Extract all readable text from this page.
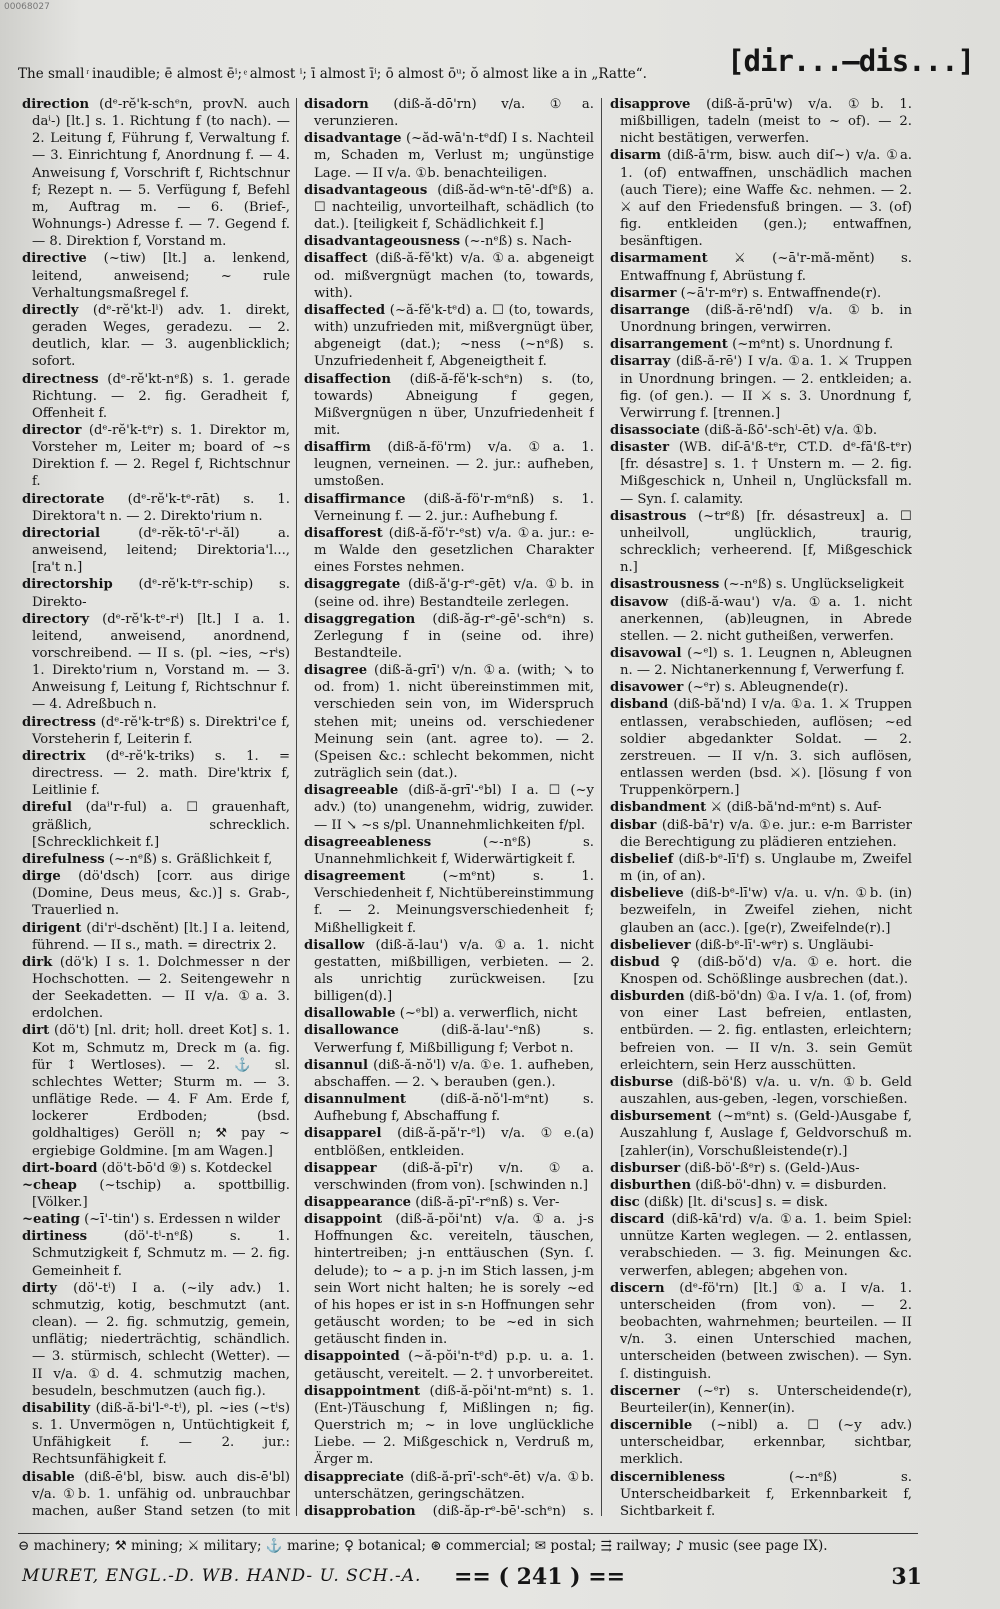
00068027
The small ͬ inaudible; ē almost ēⁱ; ͤ almost ⁱ; ī almost īⁱ; ō almost ōᵘ; ŏ almost like a in „Ratte“.	[dir...—dis...]

direction (dᵉ-rĕ'k-schᵉn, provN. auch daⁱ-) [lt.] s. 1. Richtung f (to nach). — 2. Leitung f, Führung f, Verwaltung f. — 3. Einrichtung f, Anordnung f. — 4. Anweisung f, Vorschrift f, Richtschnur f; Rezept n. — 5. Verfügung f, Befehl m, Auftrag m. — 6. (Brief-, Wohnungs-) Adresse f. — 7. Gegend f. — 8. Direktion f, Vorstand m.

directive (~tiw) [lt.] a. lenkend, leitend, anweisend; ~ rule Verhaltungsmaßregel f.

directly (dᵉ-rĕ'kt-lⁱ) adv. 1. direkt, geraden Weges, geradezu. — 2. deutlich, klar. — 3. augenblicklich; sofort.

directness (dᵉ-rĕ'kt-nᵉß) s. 1. gerade Richtung. — 2. fig. Geradheit f, Offenheit f.

director (dᵉ-rĕ'k-tᵉr) s. 1. Direktor m, Vorsteher m, Leiter m; board of ~s Direktion f. — 2. Regel f, Richtschnur f.

directorate (dᵉ-rĕ'k-tᵉ-rāt) s. 1. Direktora't n. — 2. Direkto'rium n.

directorial (dᵉ-rĕk-tō'-rⁱ-ăl) a. anweisend, leitend; Direktoria'l..., [ra't n.]

directorship (dᵉ-rĕ'k-tᵉr-schip) s. Direkto-

directory (dᵉ-rĕ'k-tᵉ-rⁱ) [lt.] I a. 1. leitend, anweisend, anordnend, vorschreibend. — II s. (pl. ~ies, ~rⁱs) 1. Direkto'rium n, Vorstand m. — 3. Anweisung f, Leitung f, Richtschnur f. — 4. Adreßbuch n.

directress (dᵉ-rĕ'k-trᵉß) s. Direktri'ce f, Vorsteherin f, Leiterin f.

directrix (dᵉ-rĕ'k-triks) s. 1. = directress. — 2. math. Dire'ktrix f, Leitlinie f.

direful (daⁱ'r-ful) a. ☐ grauenhaft, gräßlich, schrecklich. [Schrecklichkeit f.]

direfulness (~-nᵉß) s. Gräßlichkeit f,

dirge (dö'dsch) [corr. aus dirige (Domine, Deus meus, &c.)] s. Grab-, Trauerlied n.

dirigent (di'rⁱ-dschĕnt) [lt.] I a. leitend, führend. — II s., math. = directrix 2.

dirk (dö'k) I s. 1. Dolchmesser n der Hochschotten. — 2. Seitengewehr n der Seekadetten. — II v/a. ①a. 3. erdolchen.

dirt (dö't) [nl. drit; holl. dreet Kot] s. 1. Kot m, Schmutz m, Dreck m (a. fig. für ↕ Wertloses). — 2. ⚓ sl. schlechtes Wetter; Sturm m. — 3. unflätige Rede. — 4. F Am. Erde f, lockerer Erdboden; (bsd. goldhaltiges) Geröll n; ⚒ pay ~ ergiebige Goldmine. [m am Wagen.]

dirt-board (dö't-bō'd ⑨) s. Kotdeckel

~cheap (~tschip) a. spottbillig. [Völker.]

~eating (~ī'-tin') s. Erdessen n wilder

dirtiness (dö'-tⁱ-nᵉß) s. 1. Schmutzigkeit f, Schmutz m. — 2. fig. Gemeinheit f.

dirty (dö'-tⁱ) I a. (~ily adv.) 1. schmutzig, kotig, beschmutzt (ant. clean). — 2. fig. schmutzig, gemein, unflätig; niederträchtig, schändlich. — 3. stürmisch, schlecht (Wetter). — II v/a. ①d. 4. schmutzig machen, besudeln, beschmutzen (auch fig.).

disability (diß-ă-bi'l-ᵉ-tⁱ), pl. ~ies (~tⁱs) s. 1. Unvermögen n, Untüchtigkeit f, Unfähigkeit f. — 2. jur.: Rechtsunfähigkeit f.

disable (diß-ē'bl, bisw. auch dis-ē'bl) v/a. ①b. 1. unfähig od. unbrauchbar machen, außer Stand setzen (to mit

disadorn (diß-ă-dō'rn) v/a. ①a. verunzieren.

disadvantage (~ăd-wā'n-tᵉdſ) I s. Nachteil m, Schaden m, Verlust m; ungünstige Lage. — II v/a. ①b. benachteiligen.

disadvantageous (diß-ăd-wᵉn-tē'-dſᵉß) a. ☐ nachteilig, unvorteilhaft, schädlich (to dat.). [teiligkeit f, Schädlichkeit f.]

disadvantageousness (~-nᵉß) s. Nach-

disaffect (diß-ă-fĕ'kt) v/a. ①a. abgeneigt od. mißvergnügt machen (to, towards, with).

disaffected (~ă-fĕ'k-tᵉd) a. ☐ (to, towards, with) unzufrieden mit, mißvergnügt über, abgeneigt (dat.); ~ness (~nᵉß) s. Unzufriedenheit f, Abgeneigtheit f.

disaffection (diß-ă-fĕ'k-schᵉn) s. (to, towards) Abneigung f gegen, Mißvergnügen n über, Unzufriedenheit f mit.

disaffirm (diß-ă-fö'rm) v/a. ①a. 1. leugnen, verneinen. — 2. jur.: aufheben, umstoßen.

disaffirmance (diß-ă-fö'r-mᵉnß) s. 1. Verneinung f. — 2. jur.: Aufhebung f.

disafforest (diß-ă-fŏ'r-ᵉst) v/a. ①a. jur.: e-m Walde den gesetzlichen Charakter eines Forstes nehmen.

disaggregate (diß-ă'g-rᵉ-gēt) v/a. ①b. in (seine od. ihre) Bestandteile zerlegen.

disaggregation (diß-ăg-rᵉ-gē'-schᵉn) s. Zerlegung f in (seine od. ihre) Bestandteile.

disagree (diß-ă-grī') v/n. ①a. (with; ↘ to od. from) 1. nicht übereinstimmen mit, verschieden sein von, im Widerspruch stehen mit; uneins od. verschiedener Meinung sein (ant. agree to). — 2. (Speisen &c.: schlecht bekommen, nicht zuträglich sein (dat.).

disagreeable (diß-ă-grī'-ᵉbl) I a. ☐ (~y adv.) (to) unangenehm, widrig, zuwider. — II ↘ ~s s/pl. Unannehmlichkeiten f/pl.

disagreeableness (~-nᵉß) s. Unannehmlichkeit f, Widerwärtigkeit f.

disagreement (~mᵉnt) s. 1. Verschiedenheit f, Nichtübereinstimmung f. — 2. Meinungsverschiedenheit f; Mißhelligkeit f.

disallow (diß-ă-lau') v/a. ①a. 1. nicht gestatten, mißbilligen, verbieten. — 2. als unrichtig zurückweisen. [zu billigen(d).]

disallowable (~ᵉbl) a. verwerflich, nicht

disallowance (diß-ă-lau'-ᵉnß) s. Verwerfung f, Mißbilligung f; Verbot n.

disannul (diß-ă-nŏ'l) v/a. ①e. 1. aufheben, abschaffen. — 2. ↘ berauben (gen.).

disannulment (diß-ă-nŏ'l-mᵉnt) s. Aufhebung f, Abschaffung f.

disapparel (diß-ă-pă'r-ᵉl) v/a. ①e.(a) entblößen, entkleiden.

disappear (diß-ă-pī'r) v/n. ①a. verschwinden (from von). [schwinden n.]

disappearance (diß-ă-pī'-rᵉnß) s. Ver-

disappoint (diß-ă-pŏi'nt) v/a. ①a. j-s Hoffnungen &c. vereiteln, täuschen, hintertreiben; j-n enttäuschen (Syn. ſ. delude); to ~ a p. j-n im Stich lassen, j-m sein Wort nicht halten; he is sorely ~ed of his hopes er ist in s-n Hoffnungen sehr getäuscht worden; to be ~ed in sich getäuscht finden in.

disappointed (~ă-pŏi'n-tᵉd) p.p. u. a. 1. getäuscht, vereitelt. — 2. † unvorbereitet.

disappointment (diß-ă-pŏi'nt-mᵉnt) s. 1. (Ent-)Täuschung f, Mißlingen n; fig. Querstrich m; ~ in love unglückliche Liebe. — 2. Mißgeschick n, Verdruß m, Ärger m.

disappreciate (diß-ă-prī'-schᵉ-ēt) v/a. ①b. unterschätzen, geringschätzen.

disapprobation (diß-ăp-rᵉ-bē'-schᵉn) s.

disapprove (diß-ă-prū'w) v/a. ①b. 1. mißbilligen, tadeln (meist to ~ of). — 2. nicht bestätigen, verwerfen.

disarm (diß-ā'rm, bisw. auch diſ~) v/a. ①a. 1. (of) entwaffnen, unschädlich machen (auch Tiere); eine Waffe &c. nehmen. — 2. ⚔ auf den Friedensfuß bringen. — 3. (of) fig. entkleiden (gen.); entwaffnen, besänftigen.

disarmament ⚔ (~ā'r-mă-mĕnt) s. Entwaffnung f, Abrüstung f.

disarmer (~ā'r-mᵉr) s. Entwaffnende(r).

disarrange (diß-ă-rē'ndſ) v/a. ①b. in Unordnung bringen, verwirren.

disarrangement (~mᵉnt) s. Unordnung f.

disarray (diß-ă-rē') I v/a. ①a. 1. ⚔ Truppen in Unordnung bringen. — 2. entkleiden; a. fig. (of gen.). — II ⚔ s. 3. Unordnung f, Verwirrung f. [trennen.]

disassociate (diß-ă-ßō'-schⁱ-ēt) v/a. ①b.

disaster (WB. diſ-ā'ß-tᵉr, CT.D. dᵉ-fā'ß-tᵉr) [fr. désastre] s. 1. † Unstern m. — 2. fig. Mißgeschick n, Unheil n, Unglücksfall m. — Syn. ſ. calamity.

disastrous (~trᵉß) [fr. désastreux] a. ☐ unheilvoll, unglücklich, traurig, schrecklich; verheerend. [f, Mißgeschick n.]

disastrousness (~-nᵉß) s. Unglückseligkeit

disavow (diß-ă-wau') v/a. ①a. 1. nicht anerkennen, (ab)leugnen, in Abrede stellen. — 2. nicht gutheißen, verwerfen.

disavowal (~ᵉl) s. 1. Leugnen n, Ableugnen n. — 2. Nichtanerkennung f, Verwerfung f.

disavower (~ᵉr) s. Ableugnende(r).

disband (diß-bă'nd) I v/a. ①a. 1. ⚔ Truppen entlassen, verabschieden, auflösen; ~ed soldier abgedankter Soldat. — 2. zerstreuen. — II v/n. 3. sich auflösen, entlassen werden (bsd. ⚔). [lösung f von Truppenkörpern.]

disbandment ⚔ (diß-bă'nd-mᵉnt) s. Auf-

disbar (diß-bā'r) v/a. ①e. jur.: e-m Barrister die Berechtigung zu plädieren entziehen.

disbelief (diß-bᵉ-lī'f) s. Unglaube m, Zweifel m (in, of an).

disbelieve (diß-bᵉ-lī'w) v/a. u. v/n. ①b. (in) bezweifeln, in Zweifel ziehen, nicht glauben an (acc.). [ge(r), Zweifelnde(r).]

disbeliever (diß-bᵉ-lī'-wᵉr) s. Ungläubi-

disbud ♀ (diß-bŏ'd) v/a. ①e. hort. die Knospen od. Schößlinge ausbrechen (dat.).

disburden (diß-bö'dn) ①a. I v/a. 1. (of, from) von einer Last befreien, entlasten, entbürden. — 2. fig. entlasten, erleichtern; befreien von. — II v/n. 3. sein Gemüt erleichtern, sein Herz ausschütten.

disburse (diß-bö'ß) v/a. u. v/n. ①b. Geld auszahlen, aus-geben, -legen, vorschießen.

disbursement (~mᵉnt) s. (Geld-)Ausgabe f, Auszahlung f, Auslage f, Geldvorschuß m. [zahler(in), Vorschußleistende(r).]

disburser (diß-bö'-ßᵉr) s. (Geld-)Aus-

disburthen (diß-bö'-dhn) v. = disburden.

disc (dißk) [lt. di'scus] s. = disk.

discard (diß-kā'rd) v/a. ①a. 1. beim Spiel: unnütze Karten weglegen. — 2. entlassen, verabschieden. — 3. fig. Meinungen &c. verwerfen, ablegen; abgehen von.

discern (dᵉ-fö'rn) [lt.] ①a. I v/a. 1. unterscheiden (from von). — 2. beobachten, wahrnehmen; beurteilen. — II v/n. 3. einen Unterschied machen, unterscheiden (between zwischen). — Syn. ſ. distinguish.

discerner (~ᵉr) s. Unterscheidende(r), Beurteiler(in), Kenner(in).

discernible (~nibl) a. ☐ (~y adv.) unterscheidbar, erkennbar, sichtbar, merklich.

discernibleness (~-nᵉß) s. Unterscheidbarkeit f, Erkennbarkeit f, Sichtbarkeit f.

⊖ machinery; ⚒ mining; ⚔ military; ⚓ marine; ♀ botanical; ⊛ commercial; ✉ postal; ⇶ railway; ♪ music (see page IX).
MURET, ENGL.-D. WB. HAND- U. SCH.-A. == ( 241 ) ==	31
